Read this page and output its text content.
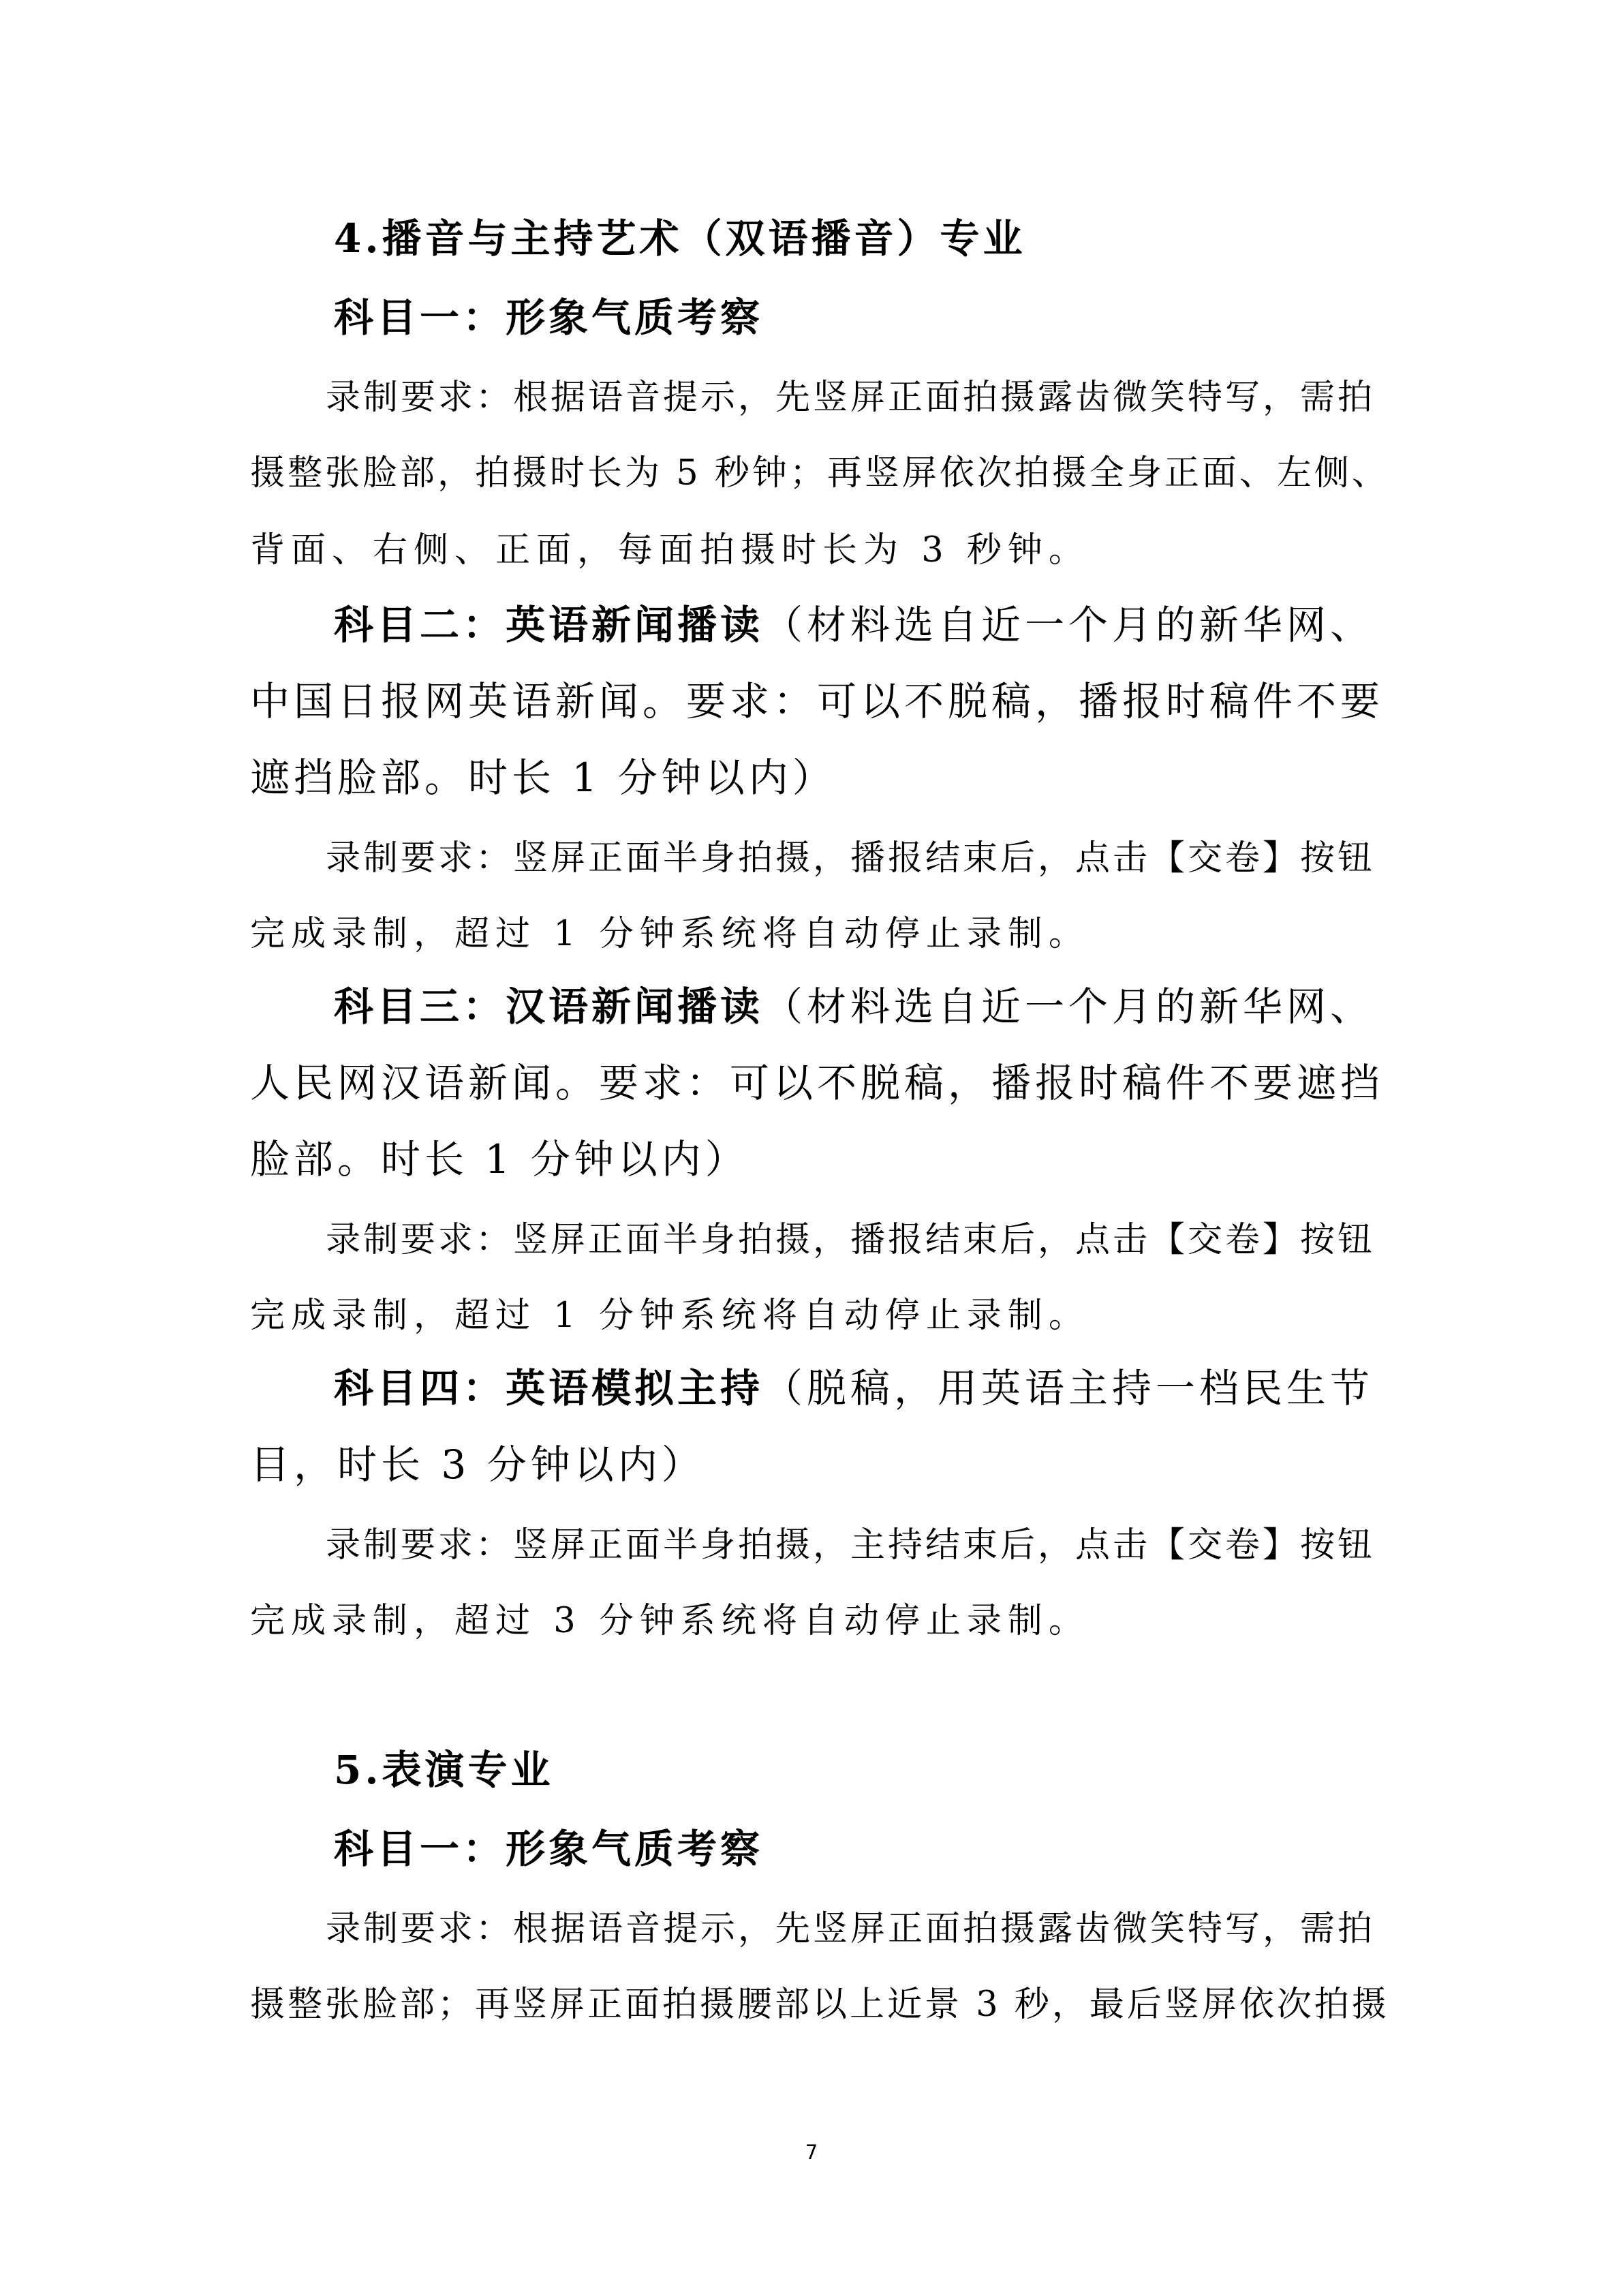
4.播音与主持艺术（双语播音）专业
科目一：形象气质考察
录制要求：根据语音提示，先竖屏正面拍摄露齿微笑特写，需拍
摄整张脸部，拍摄时长为 5 秒钟；再竖屏依次拍摄全身正面、左侧、
背面、右侧、正面，每面拍摄时长为 3 秒钟。
科目二：英语新闻播读（材料选自近一个月的新华网、
中国日报网英语新闻。要求：可以不脱稿，播报时稿件不要
遮挡脸部。时长 1 分钟以内）
录制要求：竖屏正面半身拍摄，播报结束后，点击【交卷】按钮
完成录制，超过 1 分钟系统将自动停止录制。
科目三：汉语新闻播读（材料选自近一个月的新华网、
人民网汉语新闻。要求：可以不脱稿，播报时稿件不要遮挡
脸部。时长 1 分钟以内）
录制要求：竖屏正面半身拍摄，播报结束后，点击【交卷】按钮
完成录制，超过 1 分钟系统将自动停止录制。
科目四：英语模拟主持（脱稿，用英语主持一档民生节
目，时长 3 分钟以内）
录制要求：竖屏正面半身拍摄，主持结束后，点击【交卷】按钮
完成录制，超过 3 分钟系统将自动停止录制。
5.表演专业
科目一：形象气质考察
录制要求：根据语音提示，先竖屏正面拍摄露齿微笑特写，需拍
摄整张脸部；再竖屏正面拍摄腰部以上近景 3 秒，最后竖屏依次拍摄
7
